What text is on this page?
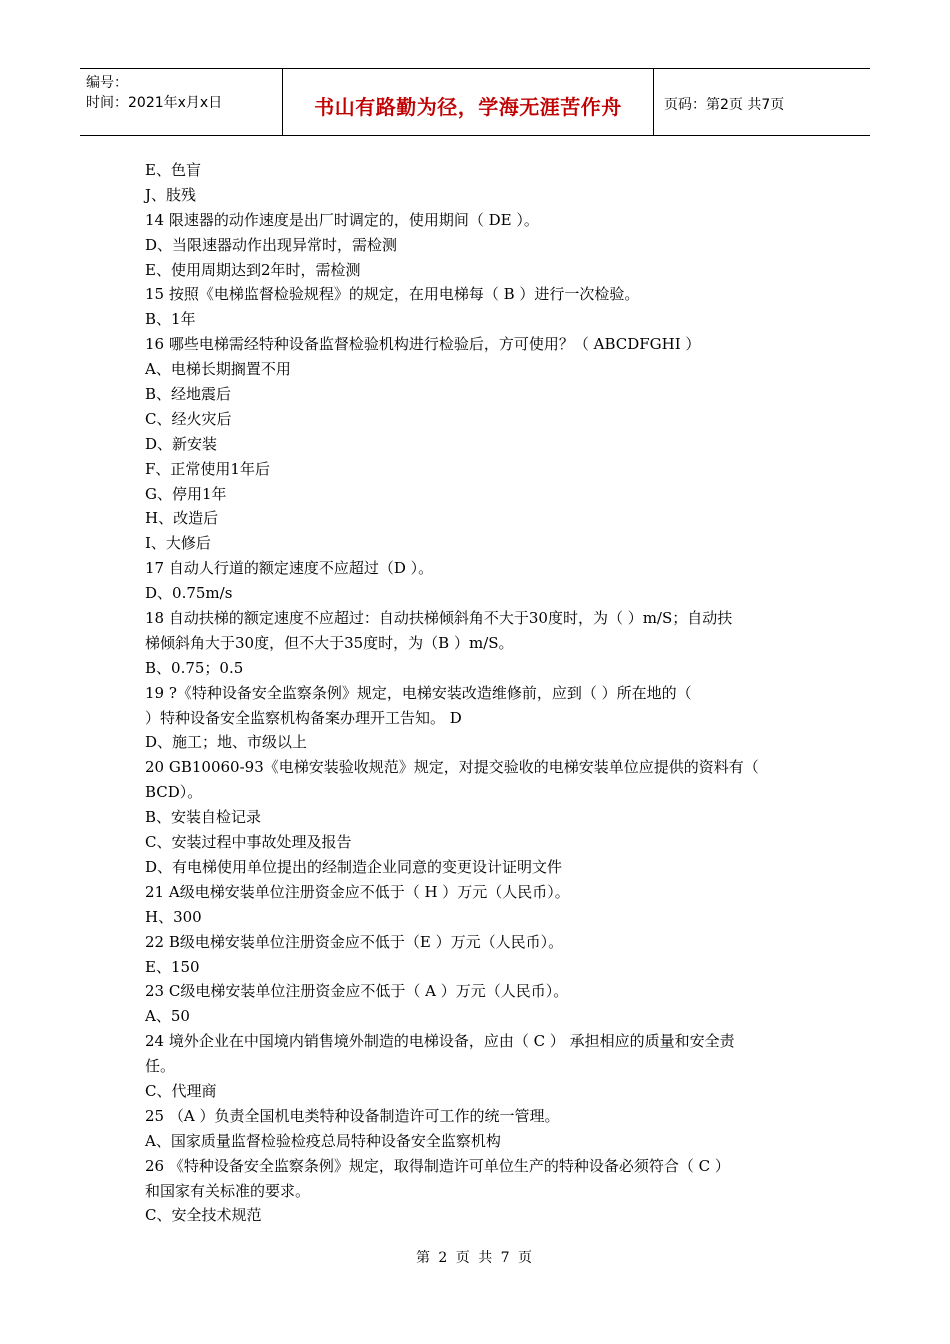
编号：
时间：2021年x月x日	书山有路勤为径，学海无涯苦作舟	页码：第2页 共7页
E、色盲
J、肢残
14 限速器的动作速度是出厂时调定的，使用期间（ DE ）。
D、当限速器动作出现异常时，需检测
E、使用周期达到2年时，需检测
15 按照《电梯监督检验规程》的规定，在用电梯每（ B ）进行一次检验。
B、1年
16 哪些电梯需经特种设备监督检验机构进行检验后，方可使用？（ ABCDFGHI ）
A、电梯长期搁置不用
B、经地震后
C、经火灾后
D、新安装
F、正常使用1年后
G、停用1年
H、改造后
I、大修后
17 自动人行道的额定速度不应超过（D ）。
D、0.75m/s
18 自动扶梯的额定速度不应超过：自动扶梯倾斜角不大于30度时，为（ ）m/S；自动扶
梯倾斜角大于30度，但不大于35度时，为（B ）m/S。
B、0.75；0.5
19 ?《特种设备安全监察条例》规定，电梯安装改造维修前，应到（ ）所在地的（
）特种设备安全监察机构备案办理开工告知。 D
D、施工；地、市级以上
20 GB10060-93《电梯安装验收规范》规定，对提交验收的电梯安装单位应提供的资料有（
BCD）。
B、安装自检记录
C、安装过程中事故处理及报告
D、有电梯使用单位提出的经制造企业同意的变更设计证明文件
21 A级电梯安装单位注册资金应不低于（ H ）万元（人民币）。
H、300
22 B级电梯安装单位注册资金应不低于（E ）万元（人民币）。
E、150
23 C级电梯安装单位注册资金应不低于（ A ）万元（人民币）。
A、50
24 境外企业在中国境内销售境外制造的电梯设备，应由（ C ） 承担相应的质量和安全责
任。
C、代理商
25 （A ）负责全国机电类特种设备制造许可工作的统一管理。
A、国家质量监督检验检疫总局特种设备安全监察机构
26 《特种设备安全监察条例》规定，取得制造许可单位生产的特种设备必须符合（ C ）
和国家有关标准的要求。
C、安全技术规范
第 2 页 共 7 页
